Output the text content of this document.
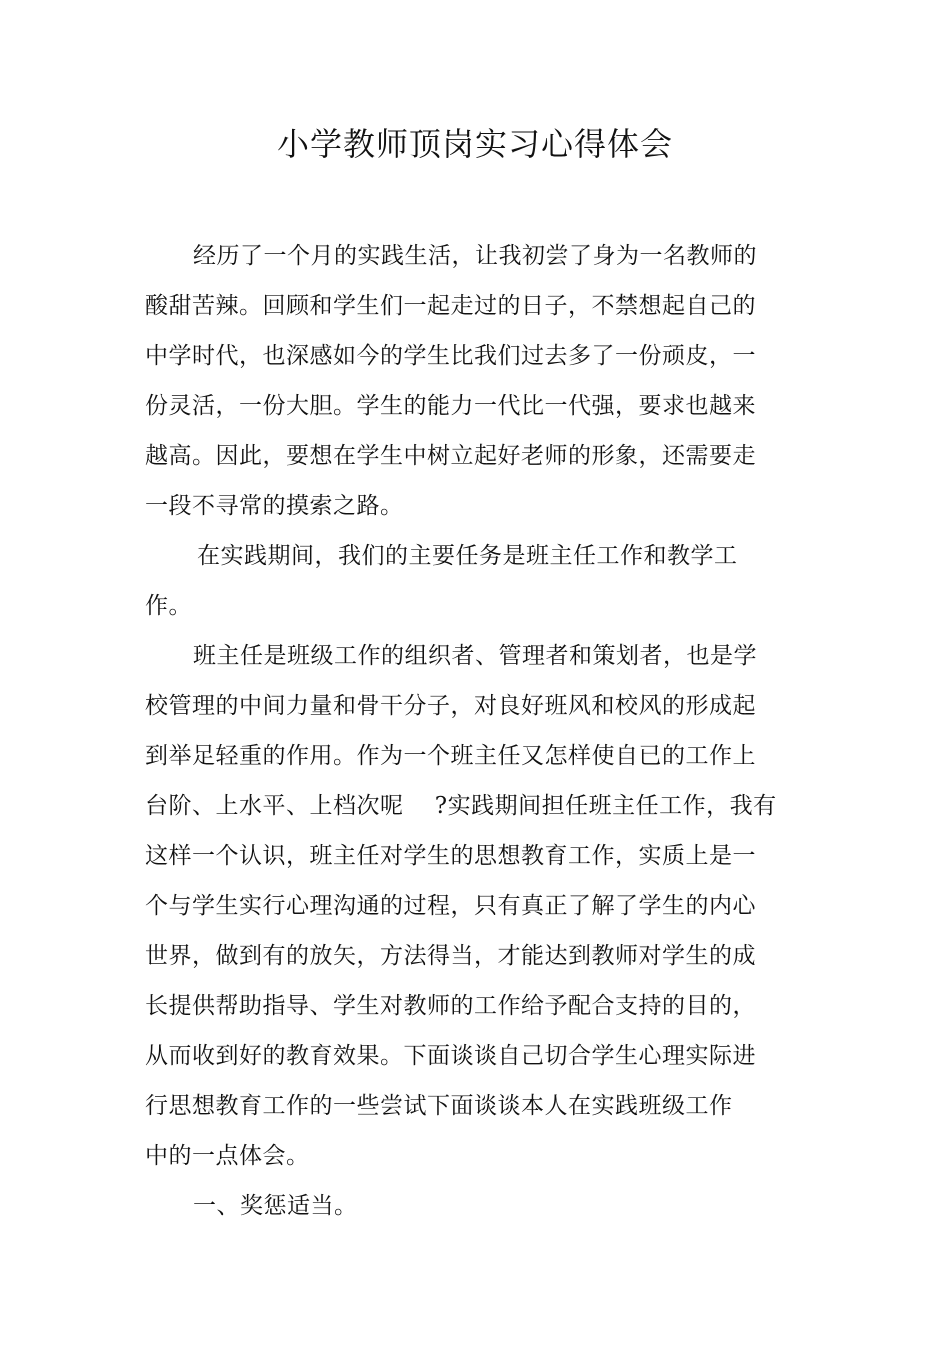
小学教师顶岗实习心得体会
经历了一个月的实践生活，让我初尝了身为一名教师的
酸甜苦辣。回顾和学生们一起走过的日子，不禁想起自己的
中学时代，也深感如今的学生比我们过去多了一份顽皮，一
份灵活，一份大胆。学生的能力一代比一代强，要求也越来
越高。因此，要想在学生中树立起好老师的形象，还需要走
一段不寻常的摸索之路。
在实践期间，我们的主要任务是班主任工作和教学工
作。
班主任是班级工作的组织者、管理者和策划者，也是学
校管理的中间力量和骨干分子，对良好班风和校风的形成起
到举足轻重的作用。作为一个班主任又怎样使自已的工作上
台阶、上水平、上档次呢　 ?实践期间担任班主任工作，我有
这样一个认识，班主任对学生的思想教育工作，实质上是一
个与学生实行心理沟通的过程，只有真正了解了学生的内心
世界，做到有的放矢，方法得当，才能达到教师对学生的成
长提供帮助指导、学生对教师的工作给予配合支持的目的，
从而收到好的教育效果。下面谈谈自己切合学生心理实际进
行思想教育工作的一些尝试下面谈谈本人在实践班级工作
中的一点体会。
一、奖惩适当。
